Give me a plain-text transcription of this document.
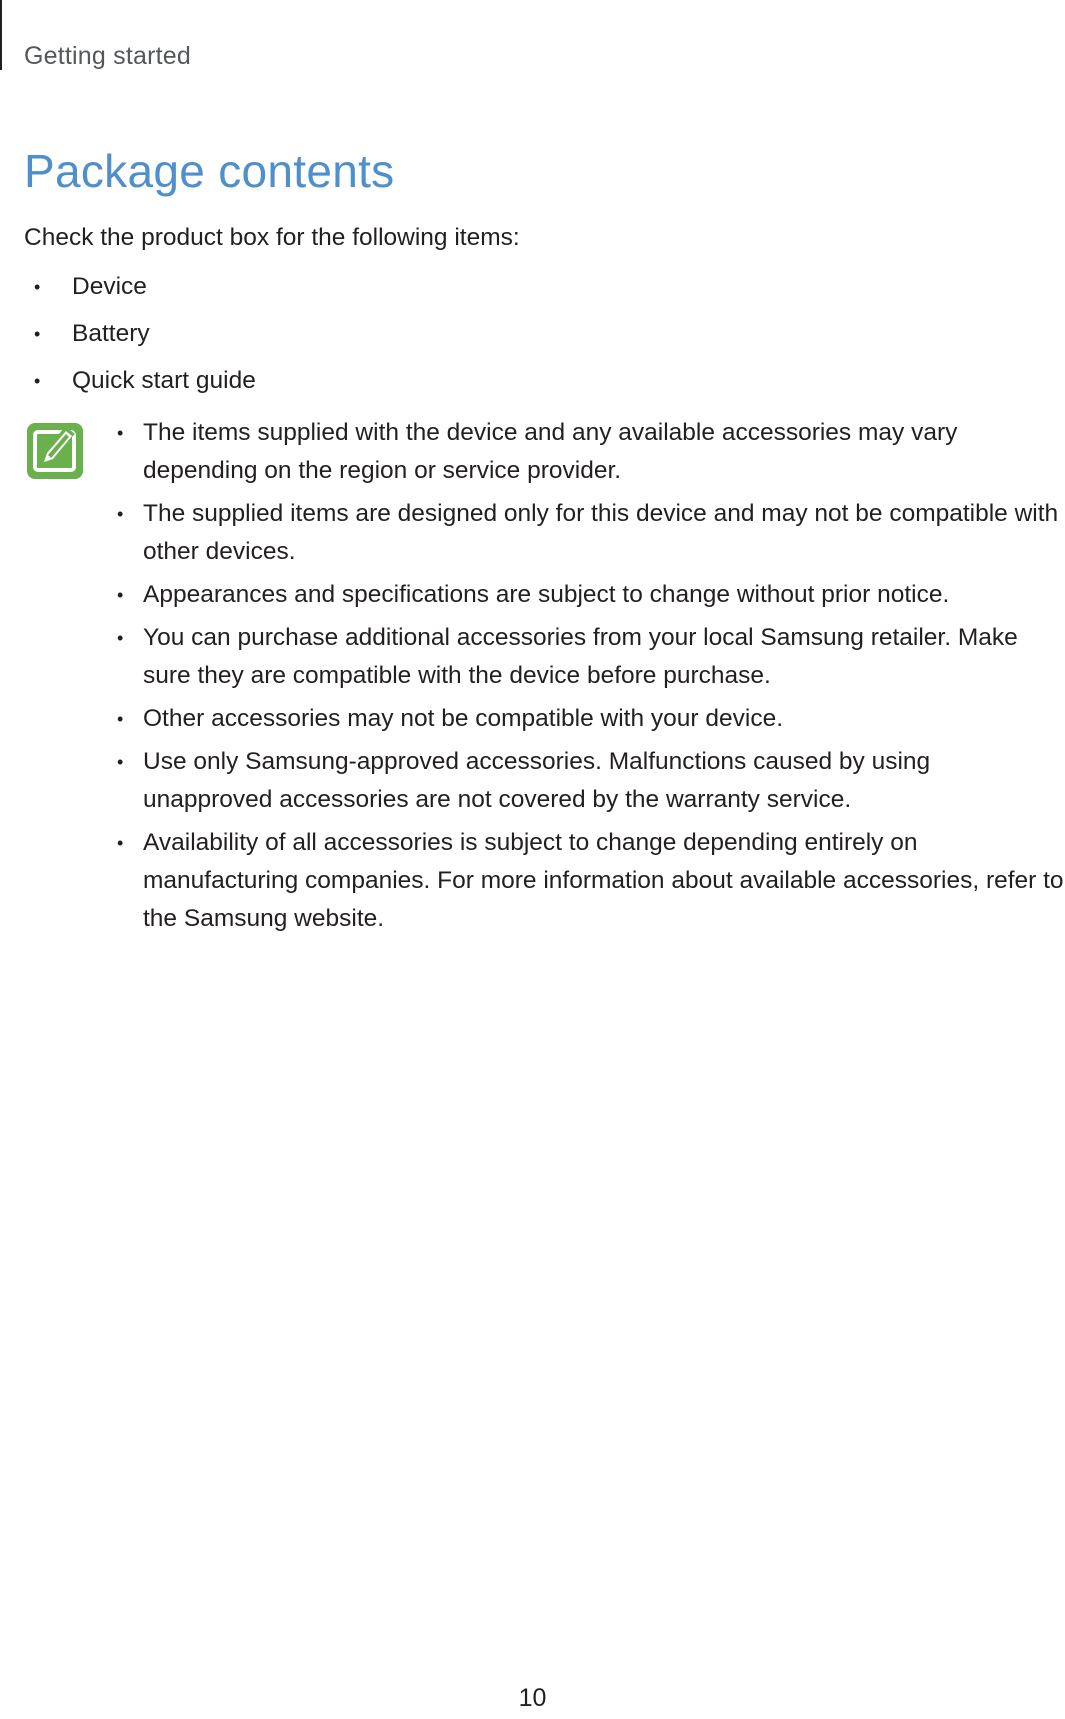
Getting started
Package contents
Check the product box for the following items:
• Device
• Battery
• Quick start guide
• The items supplied with the device and any available accessories may vary depending on the region or service provider.
• The supplied items are designed only for this device and may not be compatible with other devices.
• Appearances and specifications are subject to change without prior notice.
• You can purchase additional accessories from your local Samsung retailer. Make sure they are compatible with the device before purchase.
• Other accessories may not be compatible with your device.
• Use only Samsung-approved accessories. Malfunctions caused by using unapproved accessories are not covered by the warranty service.
• Availability of all accessories is subject to change depending entirely on manufacturing companies. For more information about available accessories, refer to the Samsung website.
10
